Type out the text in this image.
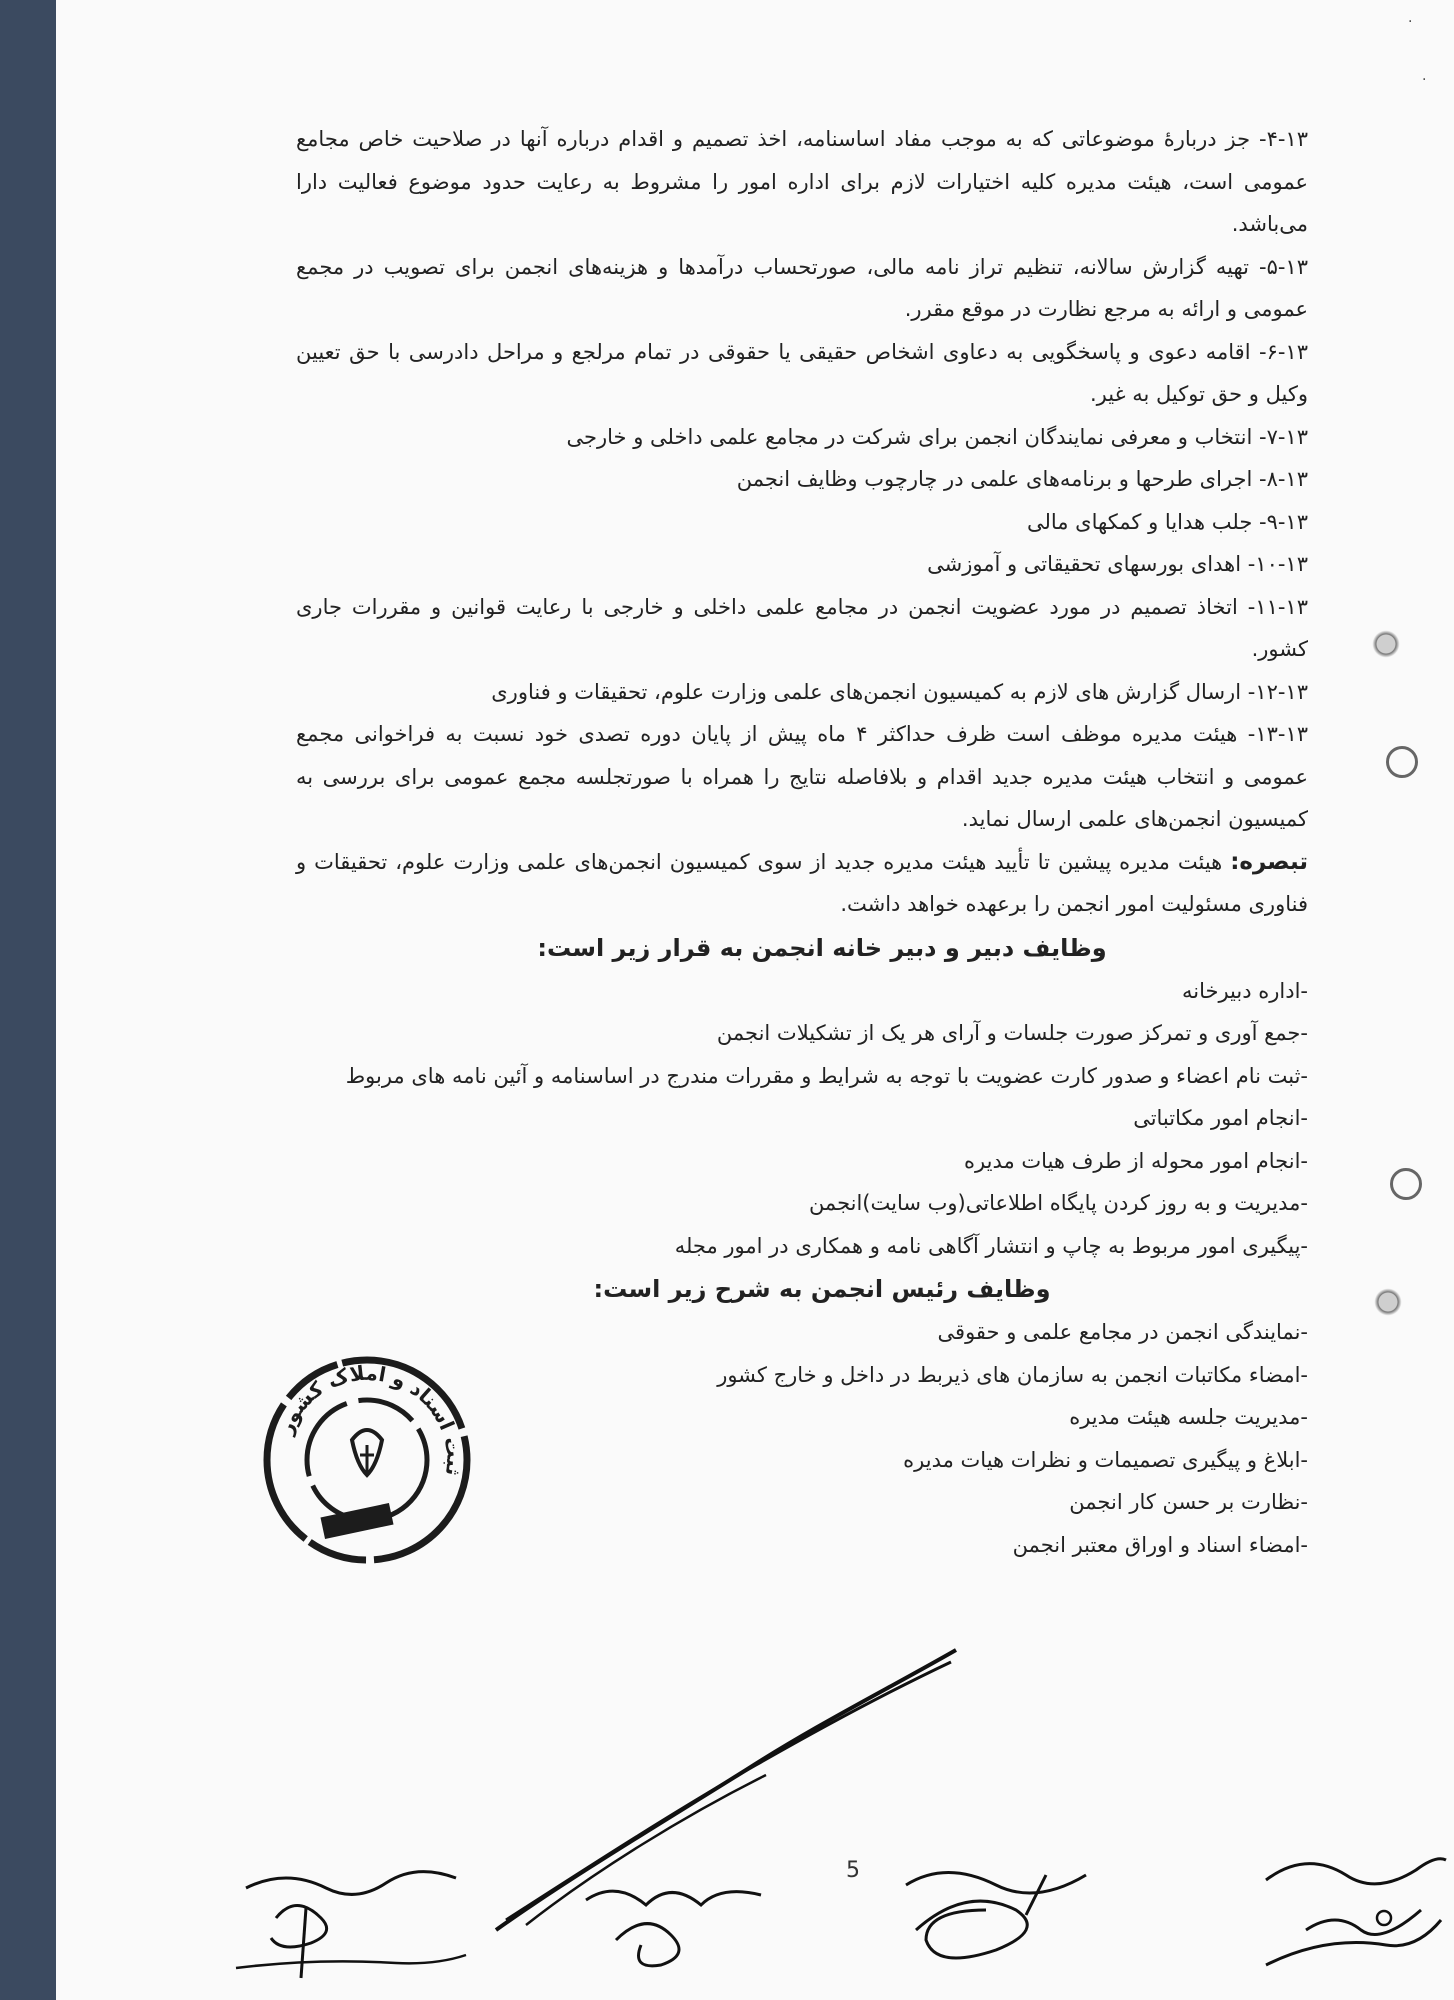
·
·

۴-۱۳- جز دربارهٔ موضوعاتی که به موجب مفاد اساسنامه، اخذ تصمیم و اقدام درباره آنها در صلاحیت خاص مجامع عمومی است، هیئت مدیره کلیه اختیارات لازم برای اداره امور را مشروط به رعایت حدود موضوع فعالیت دارا می‌باشد.

۵-۱۳- تهیه گزارش سالانه، تنظیم تراز نامه مالی، صورتحساب درآمدها و هزینه‌های انجمن برای تصویب در مجمع عمومی و ارائه به مرجع نظارت در موقع مقرر.

۶-۱۳- اقامه دعوی و پاسخگویی به دعاوی اشخاص حقیقی یا حقوقی در تمام مرلجع و مراحل دادرسی با حق تعیین وکیل و حق توکیل به غیر.

۷-۱۳- انتخاب و معرفی نمایندگان انجمن برای شرکت در مجامع علمی داخلی و خارجی

۸-۱۳- اجرای طرحها و برنامه‌های علمی در چارچوب وظایف انجمن

۹-۱۳- جلب هدایا و کمکهای مالی

۱۰-۱۳- اهدای بورسهای تحقیقاتی و آموزشی

۱۱-۱۳- اتخاذ تصمیم در مورد عضویت انجمن در مجامع علمی داخلی و خارجی با رعایت قوانین و مقررات جاری کشور.

۱۲-۱۳- ارسال گزارش های لازم به کمیسیون انجمن‌های علمی وزارت علوم، تحقیقات و فناوری

۱۳-۱۳- هیئت مدیره موظف است ظرف حداکثر ۴ ماه پیش از پایان دوره تصدی خود نسبت به فراخوانی مجمع عمومی و انتخاب هیئت مدیره جدید اقدام و بلافاصله نتایج را همراه با صورتجلسه مجمع عمومی برای بررسی به کمیسیون انجمن‌های علمی ارسال نماید.

تبصره: هیئت مدیره پیشین تا تأیید هیئت مدیره جدید از سوی کمیسیون انجمن‌های علمی وزارت علوم، تحقیقات و فناوری مسئولیت امور انجمن را برعهده خواهد داشت.

وظایف دبیر و دبیر خانه انجمن به قرار زیر است:

-اداره دبیرخانه

-جمع آوری و تمرکز صورت جلسات و آرای هر یک از تشکیلات انجمن

-ثبت نام اعضاء و صدور کارت عضویت با توجه به شرایط و مقررات مندرج در اساسنامه و آئین نامه های مربوط

-انجام امور مکاتباتی

-انجام امور محوله از طرف هیات مدیره

-مدیریت و به روز کردن پایگاه اطلاعاتی(وب سایت)انجمن

-پیگیری امور مربوط به چاپ و انتشار آگاهی نامه و همکاری در امور مجله

وظایف رئیس انجمن به شرح زیر است:

-نمایندگی انجمن در مجامع علمی و حقوقی

-امضاء مکاتبات انجمن به سازمان های ذیربط در داخل و خارج کشور

-مدیریت جلسه هیئت مدیره

-ابلاغ و پیگیری تصمیمات و نظرات هیات مدیره

-نظارت بر حسن کار انجمن

-امضاء اسناد و اوراق معتبر انجمن

ثبت اسناد و املاک کشور
5
